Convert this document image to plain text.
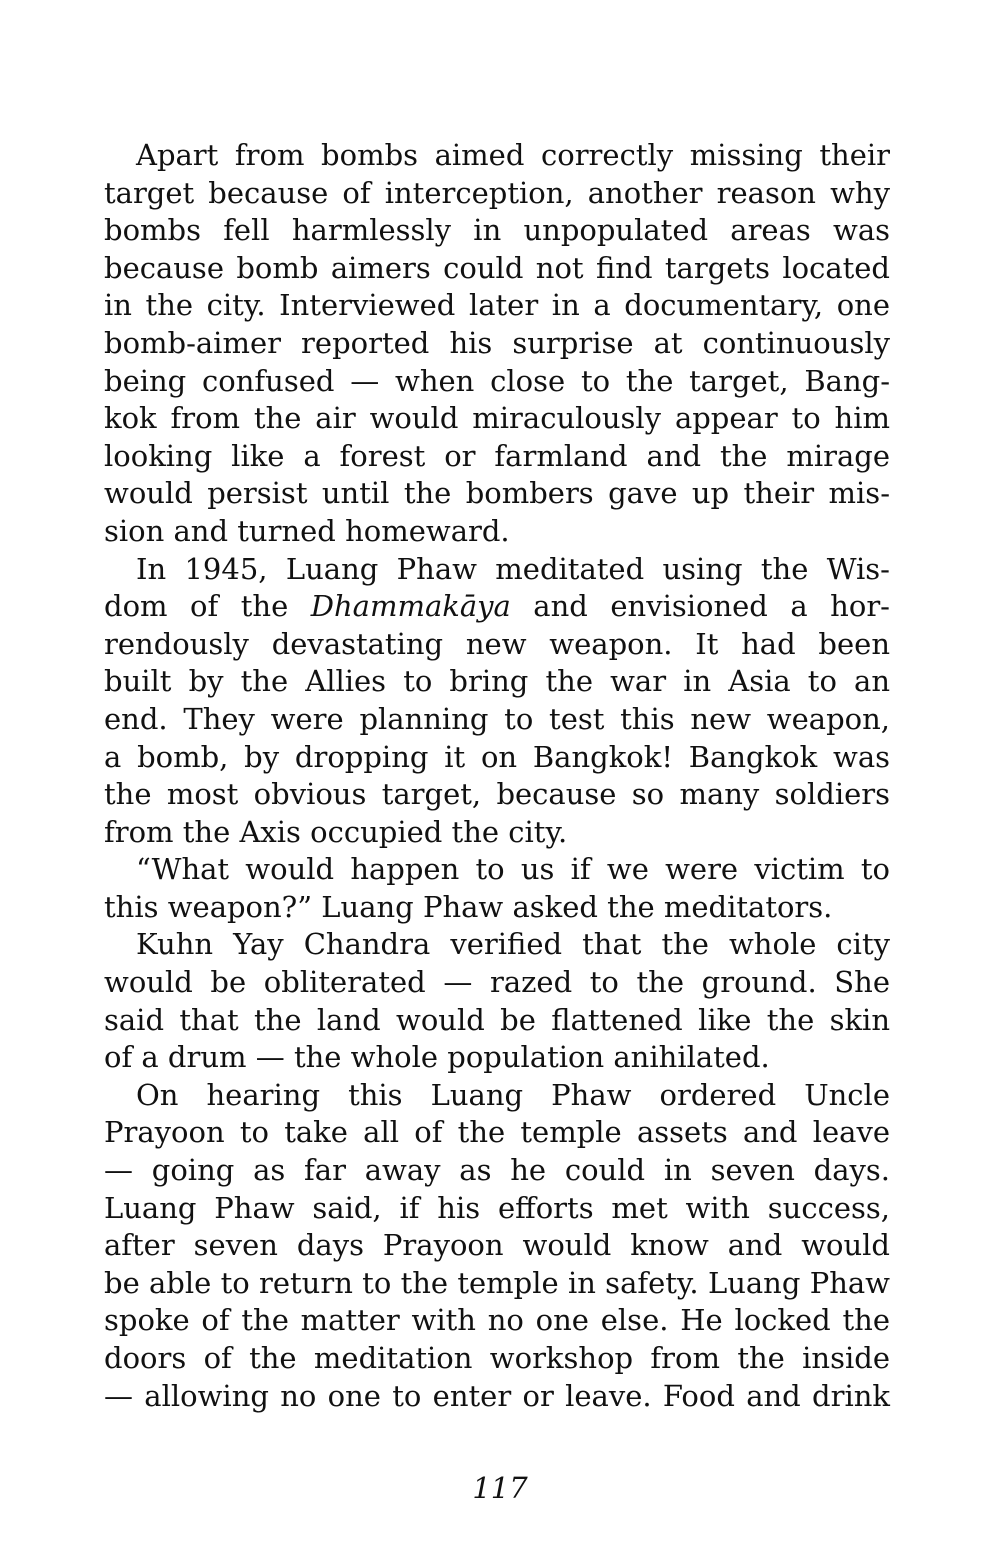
Apart from bombs aimed correctly missing their
target because of interception, another reason why
bombs fell harmlessly in unpopulated areas was
because bomb aimers could not find targets located
in the city. Interviewed later in a documentary, one
bomb-aimer reported his surprise at continuously
being confused — when close to the target, Bang-
kok from the air would miraculously appear to him
looking like a forest or farmland and the mirage
would persist until the bombers gave up their mis-
sion and turned homeward.

In 1945, Luang Phaw meditated using the Wis-
dom of the Dhammakāya and envisioned a hor-
rendously devastating new weapon. It had been
built by the Allies to bring the war in Asia to an
end. They were planning to test this new weapon,
a bomb, by dropping it on Bangkok! Bangkok was
the most obvious target, because so many soldiers
from the Axis occupied the city.

“What would happen to us if we were victim to
this weapon?” Luang Phaw asked the meditators.

Kuhn Yay Chandra verified that the whole city
would be obliterated — razed to the ground. She
said that the land would be flattened like the skin
of a drum — the whole population anihilated.

On hearing this Luang Phaw ordered Uncle
Prayoon to take all of the temple assets and leave
— going as far away as he could in seven days.
Luang Phaw said, if his efforts met with success,
after seven days Prayoon would know and would
be able to return to the temple in safety. Luang Phaw
spoke of the matter with no one else. He locked the
doors of the meditation workshop from the inside
— allowing no one to enter or leave. Food and drink

117
